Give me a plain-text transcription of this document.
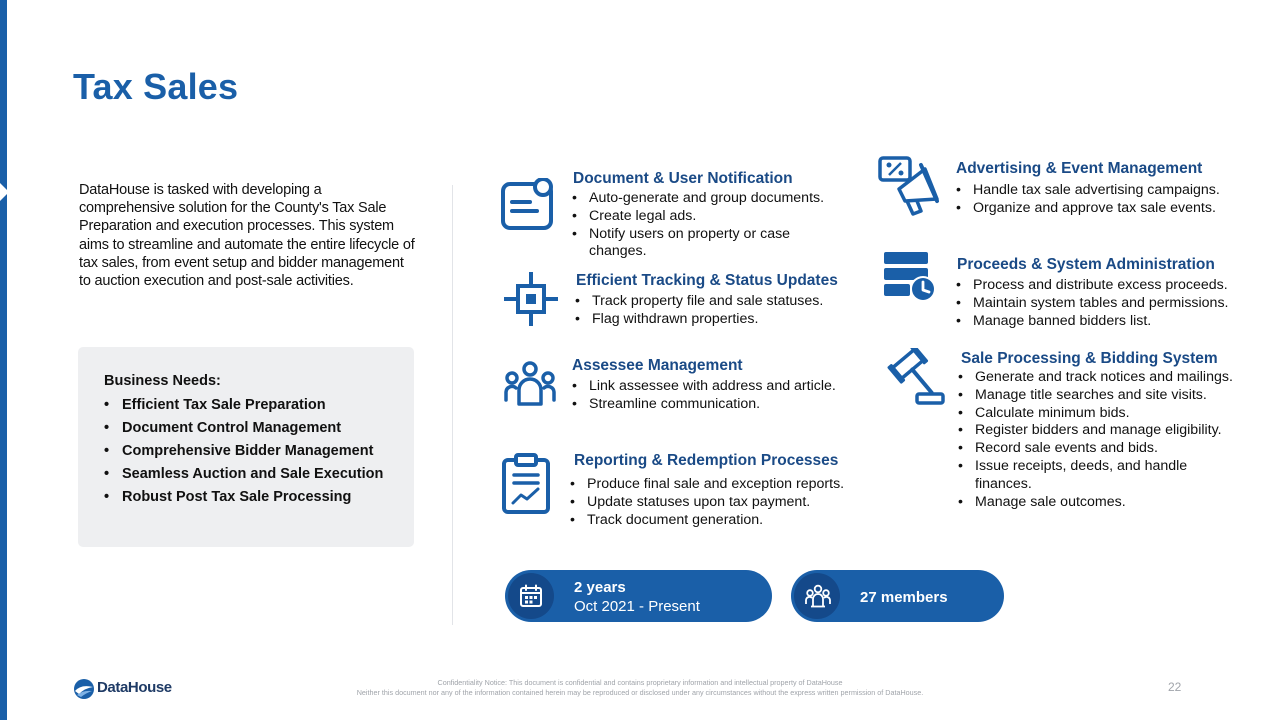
Tax Sales

DataHouse is tasked with developing a comprehensive solution for the County's Tax Sale Preparation and execution processes. This system aims to streamline and automate the entire lifecycle of tax sales, from event setup and bidder management to auction execution and post-sale activities.

Business Needs:
• Efficient Tax Sale Preparation
• Document Control Management
• Comprehensive Bidder Management
• Seamless Auction and Sale Execution
• Robust Post Tax Sale Processing
Document & User Notification
• Auto-generate and group documents.
• Create legal ads.
• Notify users on property or case changes.
Efficient Tracking & Status Updates
• Track property file and sale statuses.
• Flag withdrawn properties.
Assessee Management
• Link assessee with address and article.
• Streamline communication.
Reporting & Redemption Processes
• Produce final sale and exception reports.
• Update statuses upon tax payment.
• Track document generation.
Advertising & Event Management
• Handle tax sale advertising campaigns.
• Organize and approve tax sale events.
Proceeds & System Administration
• Process and distribute excess proceeds.
• Maintain system tables and permissions.
• Manage banned bidders list.
Sale Processing & Bidding System
• Generate and track notices and mailings.
• Manage title searches and site visits.
• Calculate minimum bids.
• Register bidders and manage eligibility.
• Record sale events and bids.
• Issue receipts, deeds, and handle finances.
• Manage sale outcomes.
2 years
Oct 2021 - Present
27 members
DataHouse	Confidentiality Notice: This document is confidential and contains proprietary information and intellectual property of DataHouse
Neither this document nor any of the information contained herein may be reproduced or disclosed under any circumstances without the express written permission of DataHouse.	22
